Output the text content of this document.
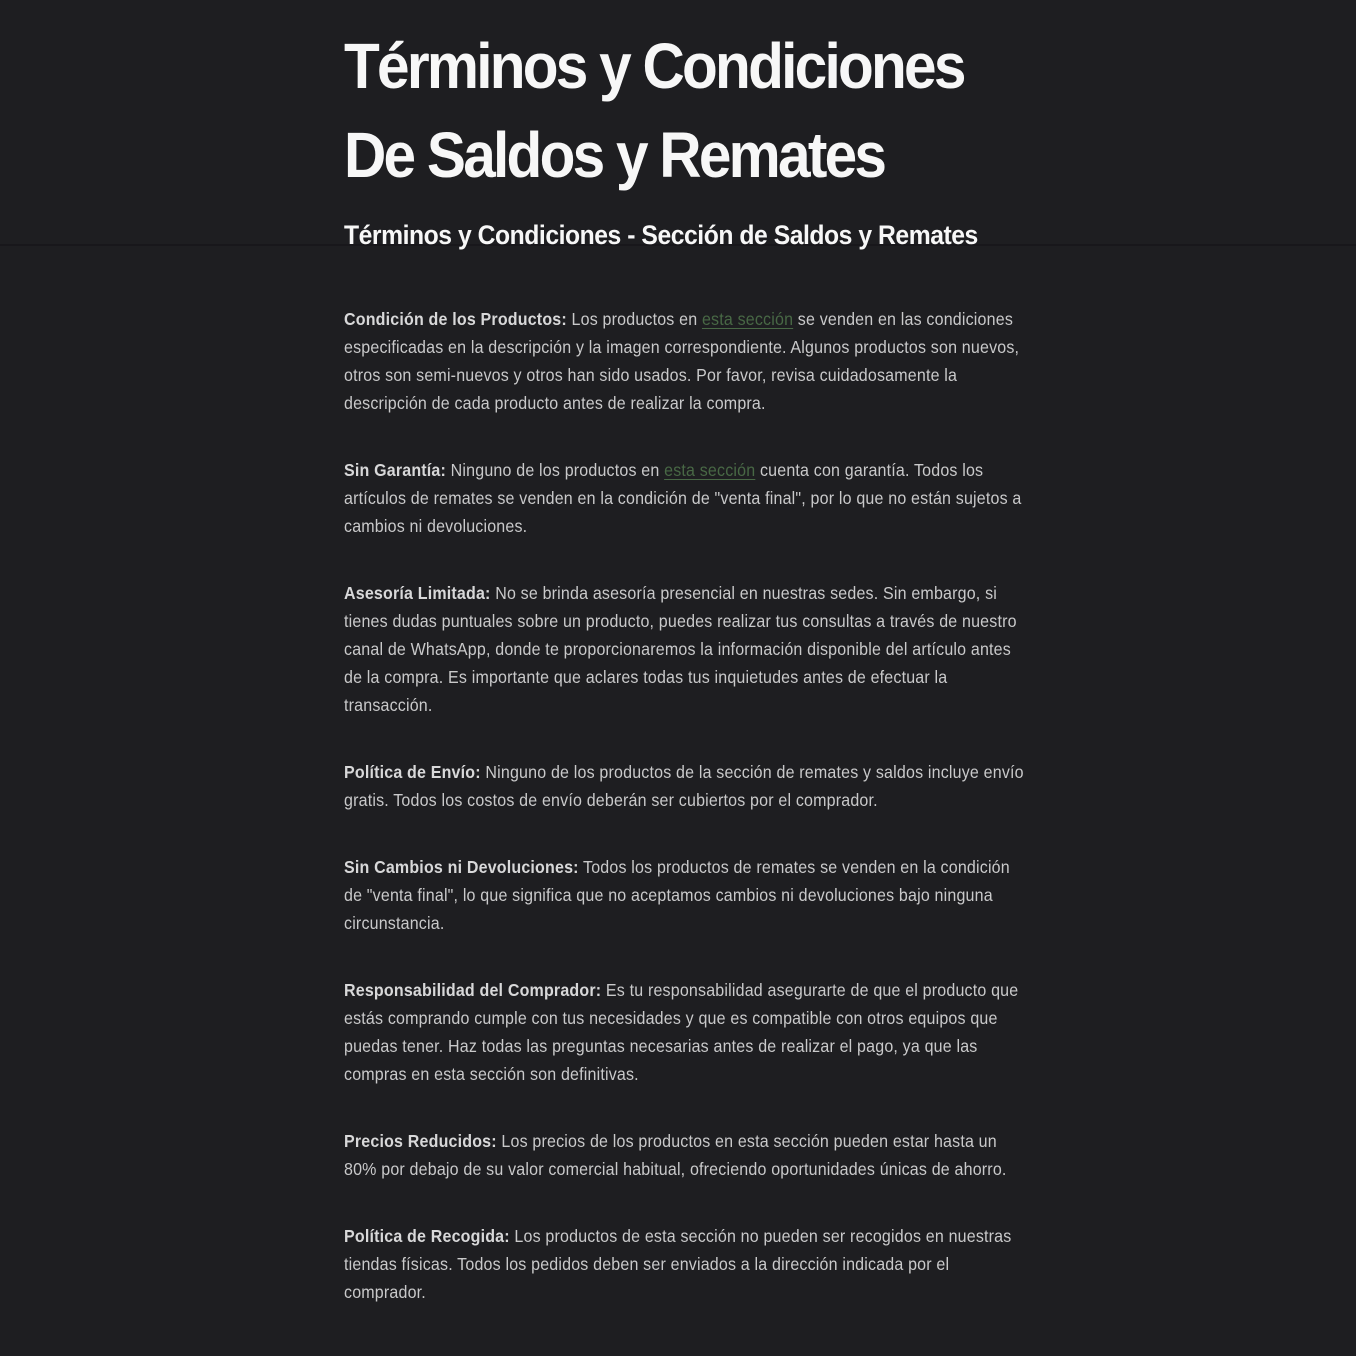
Términos y Condiciones
De Saldos y Remates
Términos y Condiciones - Sección de Saldos y Remates

Condición de los Productos: Los productos en esta sección se venden en las condiciones especificadas en la descripción y la imagen correspondiente. Algunos productos son nuevos, otros son semi-nuevos y otros han sido usados. Por favor, revisa cuidadosamente la descripción de cada producto antes de realizar la compra.

Sin Garantía: Ninguno de los productos en esta sección cuenta con garantía. Todos los artículos de remates se venden en la condición de "venta final", por lo que no están sujetos a cambios ni devoluciones.

Asesoría Limitada: No se brinda asesoría presencial en nuestras sedes. Sin embargo, si tienes dudas puntuales sobre un producto, puedes realizar tus consultas a través de nuestro canal de WhatsApp, donde te proporcionaremos la información disponible del artículo antes de la compra. Es importante que aclares todas tus inquietudes antes de efectuar la transacción.

Política de Envío: Ninguno de los productos de la sección de remates y saldos incluye envío gratis. Todos los costos de envío deberán ser cubiertos por el comprador.

Sin Cambios ni Devoluciones: Todos los productos de remates se venden en la condición de "venta final", lo que significa que no aceptamos cambios ni devoluciones bajo ninguna circunstancia.

Responsabilidad del Comprador: Es tu responsabilidad asegurarte de que el producto que estás comprando cumple con tus necesidades y que es compatible con otros equipos que puedas tener. Haz todas las preguntas necesarias antes de realizar el pago, ya que las compras en esta sección son definitivas.

Precios Reducidos: Los precios de los productos en esta sección pueden estar hasta un 80% por debajo de su valor comercial habitual, ofreciendo oportunidades únicas de ahorro.

Política de Recogida: Los productos de esta sección no pueden ser recogidos en nuestras tiendas físicas. Todos los pedidos deben ser enviados a la dirección indicada por el comprador.
